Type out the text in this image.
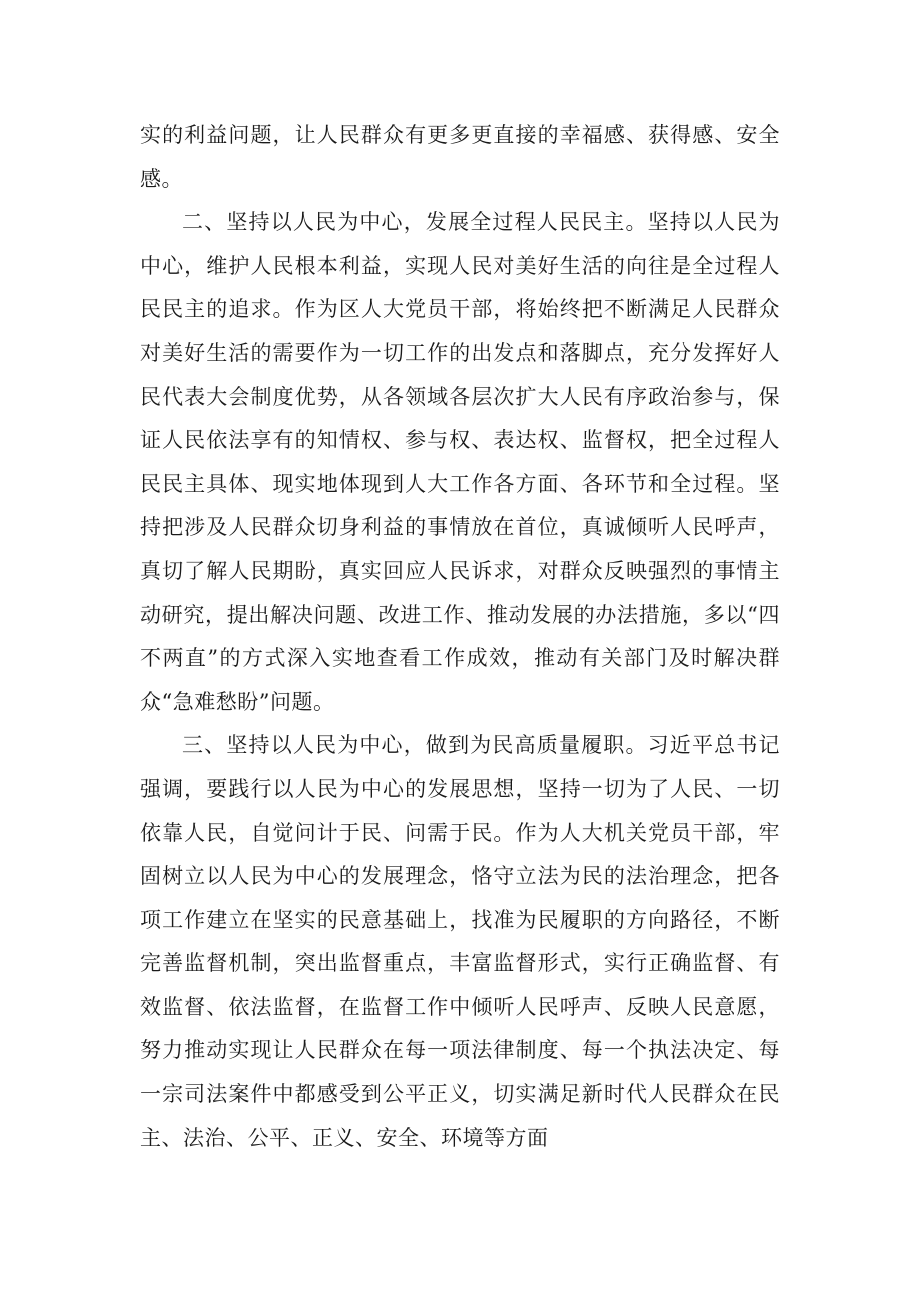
实的利益问题，让人民群众有更多更直接的幸福感、获得感、安全感。

二、坚持以人民为中心，发展全过程人民民主。坚持以人民为中心，维护人民根本利益，实现人民对美好生活的向往是全过程人民民主的追求。作为区人大党员干部，将始终把不断满足人民群众对美好生活的需要作为一切工作的出发点和落脚点，充分发挥好人民代表大会制度优势，从各领域各层次扩大人民有序政治参与，保证人民依法享有的知情权、参与权、表达权、监督权，把全过程人民民主具体、现实地体现到人大工作各方面、各环节和全过程。坚持把涉及人民群众切身利益的事情放在首位，真诚倾听人民呼声，真切了解人民期盼，真实回应人民诉求，对群众反映强烈的事情主动研究，提出解决问题、改进工作、推动发展的办法措施，多以“四不两直”的方式深入实地查看工作成效，推动有关部门及时解决群众“急难愁盼”问题。

三、坚持以人民为中心，做到为民高质量履职。习近平总书记强调，要践行以人民为中心的发展思想，坚持一切为了人民、一切依靠人民，自觉问计于民、问需于民。作为人大机关党员干部，牢固树立以人民为中心的发展理念，恪守立法为民的法治理念，把各项工作建立在坚实的民意基础上，找准为民履职的方向路径，不断完善监督机制，突出监督重点，丰富监督形式，实行正确监督、有效监督、依法监督，在监督工作中倾听人民呼声、反映人民意愿，努力推动实现让人民群众在每一项法律制度、每一个执法决定、每一宗司法案件中都感受到公平正义，切实满足新时代人民群众在民主、法治、公平、正义、安全、环境等方面
